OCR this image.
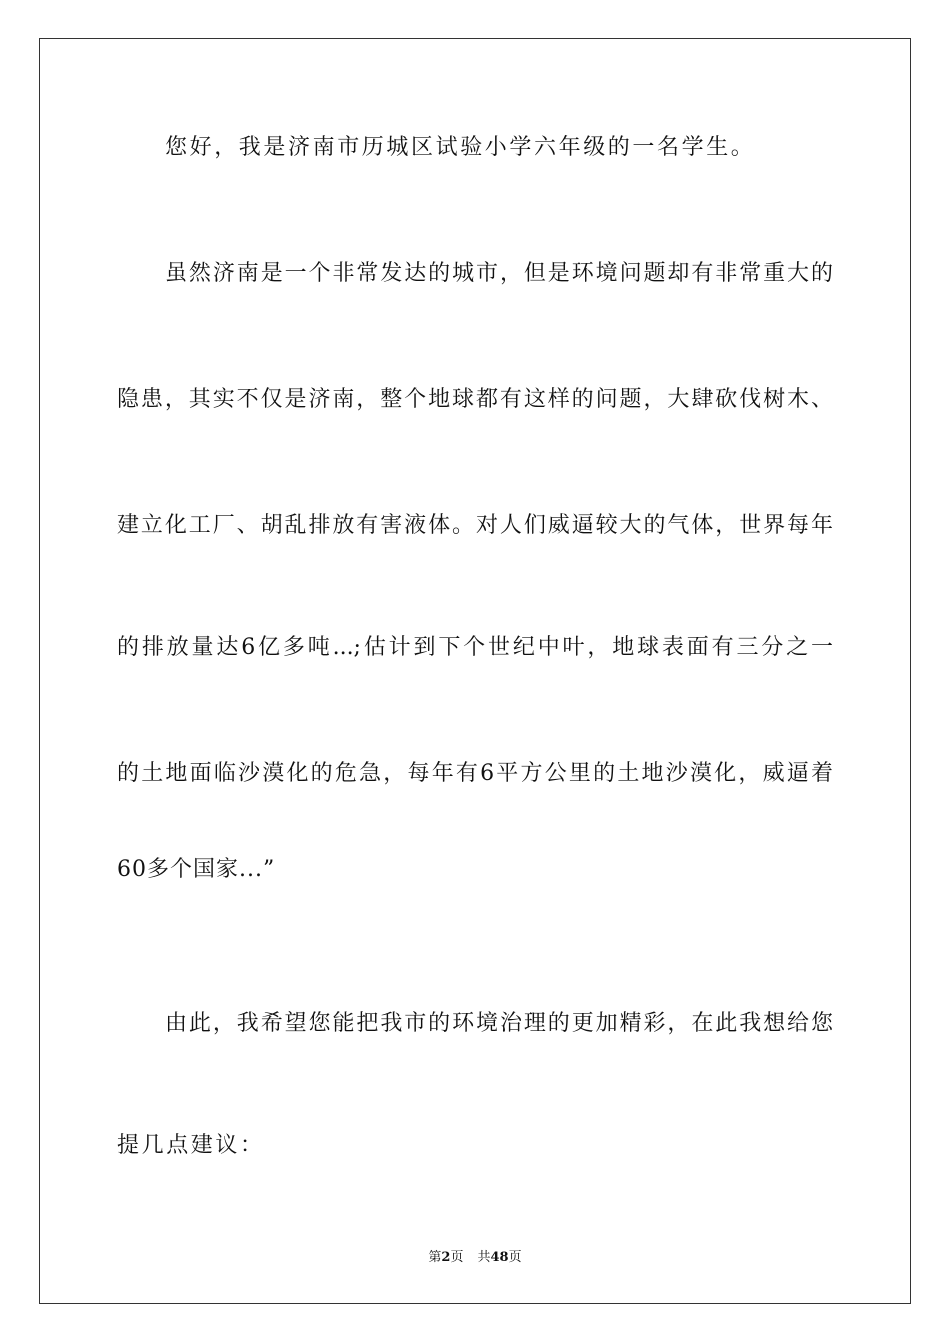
您好，我是济南市历城区试验小学六年级的一名学生。
虽然济南是一个非常发达的城市，但是环境问题却有非常重大的
隐患，其实不仅是济南，整个地球都有这样的问题，大肆砍伐树木、
建立化工厂、胡乱排放有害液体。对人们威逼较大的气体，世界每年
的排放量达6亿多吨...;估计到下个世纪中叶，地球表面有三分之一
的土地面临沙漠化的危急，每年有6平方公里的土地沙漠化，威逼着
60多个国家...”
由此，我希望您能把我市的环境治理的更加精彩，在此我想给您
提几点建议：
第2页 共48页
